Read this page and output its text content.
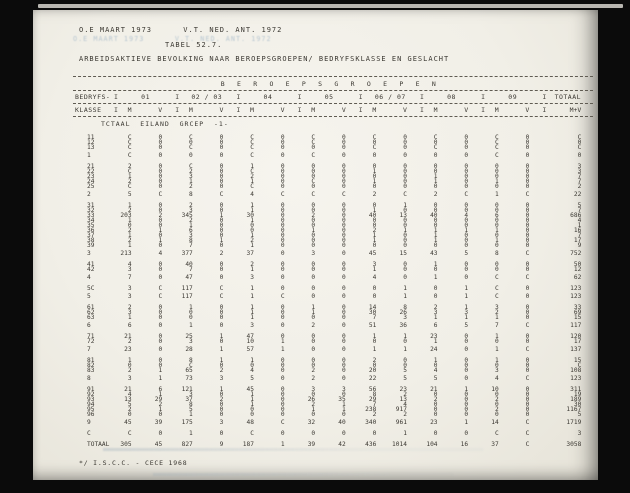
O.E MAART 1973      V.T. NED. ANT. 1972
O.E MAART 1973      V.T. NED. ANT. 1972
TABEL 52.7.
ARBEIDSAKTIEVE BEVOLKING NAAR BEROEPSGROEPEN/ BEDRYFSKLASSE EN GESLACHT
B  E  R  O  E  P  S  G  R  O  E  P  E  N
BEDRYFS- I	01	I 02 / 03	I	04	I	05	I 06 / 07	I	08	I	09	I TOTAAL
KLASSE	I M	V	I M	V	I M	V	I M	V	I M	V	I M	V	I M	V	I	M+V
TCTAAL  EILAND  GRCEP  -1-
11	C	0	C	0	C	0	C	0	C	0	C	0	C	0	C
12	C	0	0	0	C	0	C	0	0	0	0	0	C	0	0
13	C	0	C	0	C	0	0	0	C	0	C	0	C	0	C
1	C	0	0	0	C	0	C	0	0	0	0	0	C	0	0
21	2	0	C	0	1	0	0	0	0	0	0	0	0	0	3
22	C	0	2	0	C	0	0	0	1	0	0	0	0	0	3
23	1	0	3	0	2	0	0	0	0	0	1	0	0	0	7
24	2	0	1	0	1	0	C	0	1	0	1	0	1	0	7
25	C	0	2	0	C	0	0	0	0	0	0	0	0	0	2
2	5	C	8	C	4	C	C	C	2	C	2	C	1	C	22
31	1	0	2	0	1	0	0	0	0	1	0	0	0	0	5
32	2	0	3	0	1	0	0	0	1	0	0	0	0	0	7
33	203	2	345	1	30	0	2	0	40	13	40	4	6	0	686
34	1	0	2	0	1	0	0	0	0	0	0	0	0	0	4
35	0	0	1	0	0	0	0	0	0	0	0	0	0	0	1
36	2	1	6	0	0	0	1	0	2	1	1	1	1	0	16
37	1	0	3	0	1	0	0	0	1	0	1	0	0	0	7
38	2	1	8	1	2	0	0	0	1	0	1	0	1	0	17
39	1	0	7	0	1	0	0	0	0	0	0	0	0	0	9
3	213	4	377	2	37	0	3	0	45	15	43	5	8	C	752
41	4	0	40	0	2	0	0	0	3	0	1	0	0	0	50
42	3	0	7	0	1	0	0	0	1	0	0	0	0	0	12
4	7	0	47	0	3	0	0	0	4	0	1	0	C	C	62
5C	3	C	117	C	1	0	0	0	0	1	0	1	C	0	123
5	3	C	117	C	1	C	0	0	0	1	0	1	C	0	123
61	2	0	1	0	1	0	1	0	14	8	2	1	3	0	33
62	3	0	0	0	1	0	1	0	30	26	3	3	2	0	69
63	1	0	0	0	1	0	0	0	7	3	1	1	1	0	15
6	6	0	1	0	3	0	2	0	51	36	6	5	7	C	117
71	21	0	25	1	47	0	0	0	1	1	23	0	1	0	120
72	2	0	3	0	10	1	0	0	0	0	1	0	0	0	17
7	23	0	28	1	57	1	0	0	1	1	24	0	1	C	137
81	1	0	8	1	1	0	0	0	2	0	1	0	1	0	15
82	0	0	C	0	0	0	0	0	0	0	0	0	0	0	C
83	2	1	65	2	4	0	2	0	20	5	4	0	3	0	108
8	3	1	73	3	5	0	2	0	22	5	5	0	4	C	123
91	21	6	121	1	45	0	3	3	56	23	21	1	10	0	311
92	4	1	3	0	1	0	0	0	8	2	0	0	0	0	19
93	13	29	37	2	1	0	26	35	29	13	2	0	2	0	189
94	5	2	8	0	1	0	2	1	7	4	0	0	0	0	30
95	2	1	5	0	0	0	1	1	238	917	0	0	2	0	1167
96	0	0	1	0	0	0	0	0	2	2	0	0	0	0	5
9	45	39	175	3	48	C	32	40	340	961	23	1	14	C	1719
C	C	0	1	0	C	0	0	0	0	1	0	0	C	C	3
TOTAAL	305	45	827	9	187	1	39	42	436	1014	104	16	37	C	3058
*/ I.S.C.C. - CECE 1968
